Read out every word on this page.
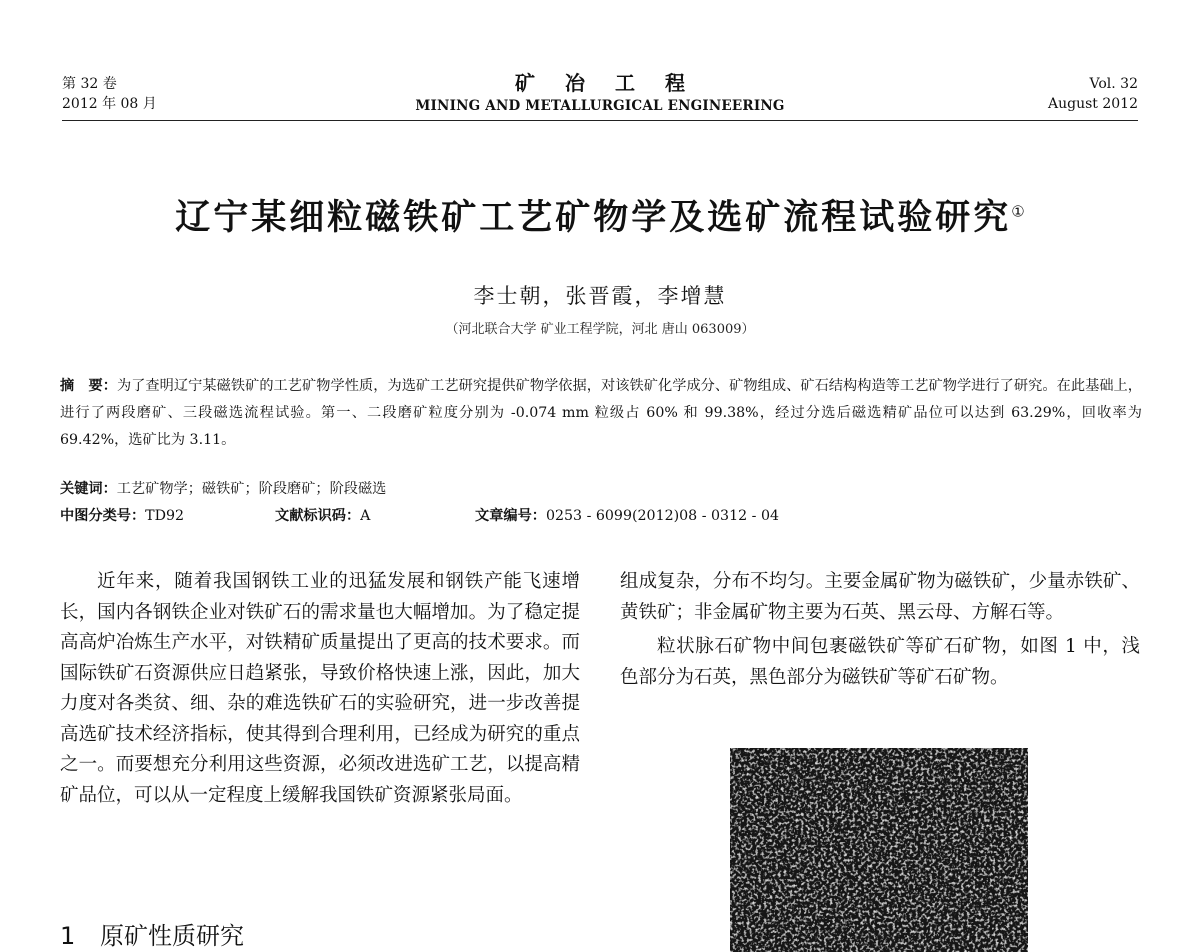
第 32 卷
2012 年 08 月
矿冶工程
MINING AND METALLURGICAL ENGINEERING
Vol. 32
August 2012
辽宁某细粒磁铁矿工艺矿物学及选矿流程试验研究①
李士朝，张晋霞，李增慧
（河北联合大学 矿业工程学院，河北 唐山 063009）
摘　要：为了查明辽宁某磁铁矿的工艺矿物学性质，为选矿工艺研究提供矿物学依据，对该铁矿化学成分、矿物组成、矿石结构构造等工艺矿物学进行了研究。在此基础上，进行了两段磨矿、三段磁选流程试验。第一、二段磨矿粒度分别为 -0.074 mm 粒级占 60% 和 99.38%，经过分选后磁选精矿品位可以达到 63.29%，回收率为 69.42%，选矿比为 3.11。
关键词：工艺矿物学；磁铁矿；阶段磨矿；阶段磁选
中图分类号：TD92	文献标识码：A	文章编号：0253 - 6099(2012)08 - 0312 - 04

近年来，随着我国钢铁工业的迅猛发展和钢铁产能飞速增长，国内各钢铁企业对铁矿石的需求量也大幅增加。为了稳定提高高炉冶炼生产水平，对铁精矿质量提出了更高的技术要求。而国际铁矿石资源供应日趋紧张，导致价格快速上涨，因此，加大力度对各类贫、细、杂的难选铁矿石的实验研究，进一步改善提高选矿技术经济指标，使其得到合理利用，已经成为研究的重点之一。而要想充分利用这些资源，必须改进选矿工艺，以提高精矿品位，可以从一定程度上缓解我国铁矿资源紧张局面。

组成复杂，分布不均匀。主要金属矿物为磁铁矿，少量赤铁矿、黄铁矿；非金属矿物主要为石英、黑云母、方解石等。

粒状脉石矿物中间包裹磁铁矿等矿石矿物，如图 1 中，浅色部分为石英，黑色部分为磁铁矿等矿石矿物。

1 原矿性质研究
